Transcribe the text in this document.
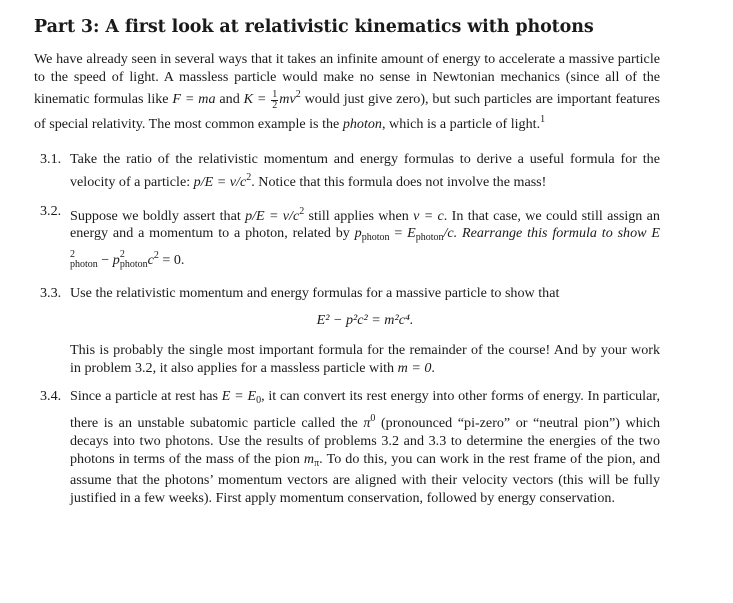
Part 3: A first look at relativistic kinematics with photons

We have already seen in several ways that it takes an infinite amount of energy to accelerate a massive particle to the speed of light. A massless particle would make no sense in Newtonian mechanics (since all of the kinematic formulas like F = ma and $K = \frac{1}{2} mv^2$ would just give zero), but such particles are important features of special relativity. The most common example is the photon, which is a particle of light.$^1$

3.1. Take the ratio of the relativistic momentum and energy formulas to derive a useful formula for the velocity of a particle: $p/E = v/c^2$. Notice that this formula does not involve the mass!
3.2. Suppose we boldly assert that $p/E = v/c^2$ still applies when v = c. In that case, we could still assign an energy and a momentum to a photon, related by $p_{photon} = E_{photon}/c$. Rearrange this formula to show E
2
photon − p 2
photonc$^2$ = 0.
3.3. Use the relativistic momentum and energy formulas for a massive particle to show that
E² − p²c² = m²c⁴.
This is probably the single most important formula for the remainder of the course! And by your work in problem 3.2, it also applies for a massless particle with m = 0.
3.4. Since a particle at rest has $E = E_0$, it can convert its rest energy into other forms of energy. In particular, there is an unstable subatomic particle called the $\pi^0$ (pronounced “pi-zero” or “neutral pion”) which decays into two photons. Use the results of problems 3.2 and 3.3 to determine the energies of the two photons in terms of the mass of the pion $m_\pi$. To do this, you can work in the rest frame of the pion, and assume that the photons’ momentum vectors are aligned with their velocity vectors (this will be fully justified in a few weeks). First apply momentum conservation, followed by energy conservation.
